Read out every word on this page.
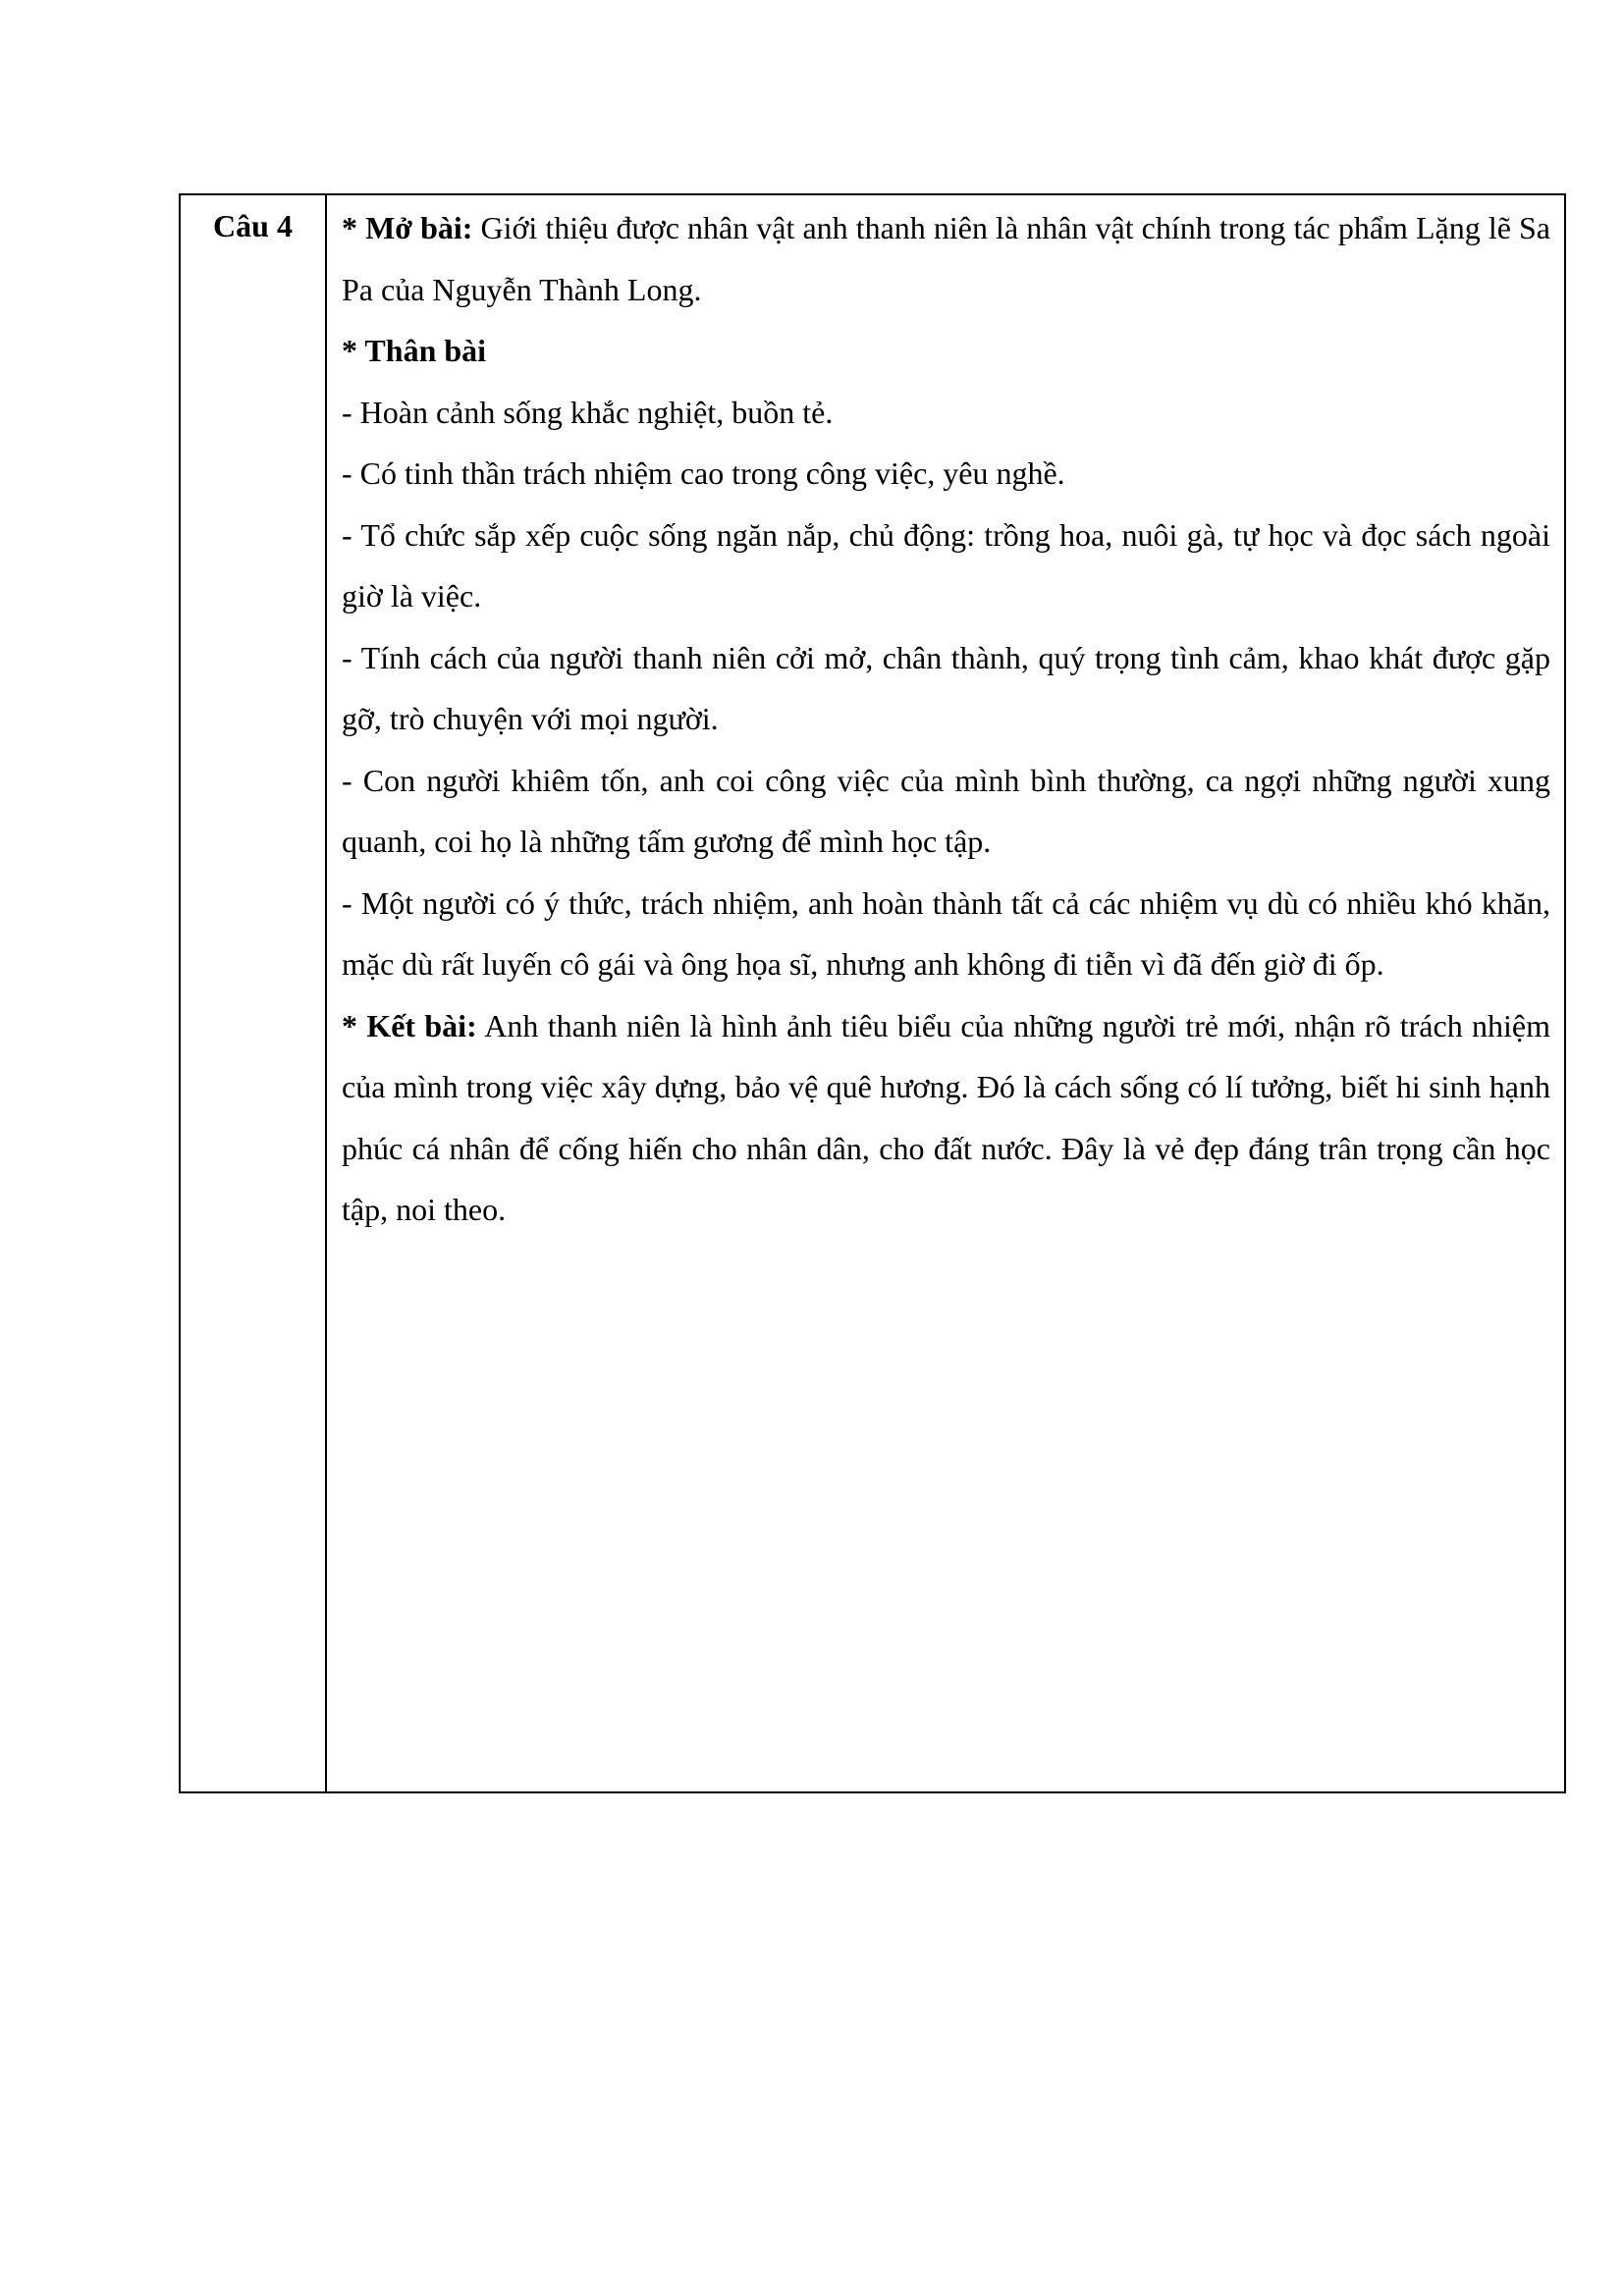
Câu 4	* Mở bài: Giới thiệu được nhân vật anh thanh niên là nhân vật chính trong tác phẩm Lặng lẽ Sa Pa của Nguyễn Thành Long.

* Thân bài

- Hoàn cảnh sống khắc nghiệt, buồn tẻ.

- Có tinh thần trách nhiệm cao trong công việc, yêu nghề.

- Tổ chức sắp xếp cuộc sống ngăn nắp, chủ động: trồng hoa, nuôi gà, tự học và đọc sách ngoài giờ là việc.

- Tính cách của người thanh niên cởi mở, chân thành, quý trọng tình cảm, khao khát được gặp gỡ, trò chuyện với mọi người.

- Con người khiêm tốn, anh coi công việc của mình bình thường, ca ngợi những người xung quanh, coi họ là những tấm gương để mình học tập.

- Một người có ý thức, trách nhiệm, anh hoàn thành tất cả các nhiệm vụ dù có nhiều khó khăn, mặc dù rất luyến cô gái và ông họa sĩ, nhưng anh không đi tiễn vì đã đến giờ đi ốp.

* Kết bài: Anh thanh niên là hình ảnh tiêu biểu của những người trẻ mới, nhận rõ trách nhiệm của mình trong việc xây dựng, bảo vệ quê hương. Đó là cách sống có lí tưởng, biết hi sinh hạnh phúc cá nhân để cống hiến cho nhân dân, cho đất nước. Đây là vẻ đẹp đáng trân trọng cần học tập, noi theo.
